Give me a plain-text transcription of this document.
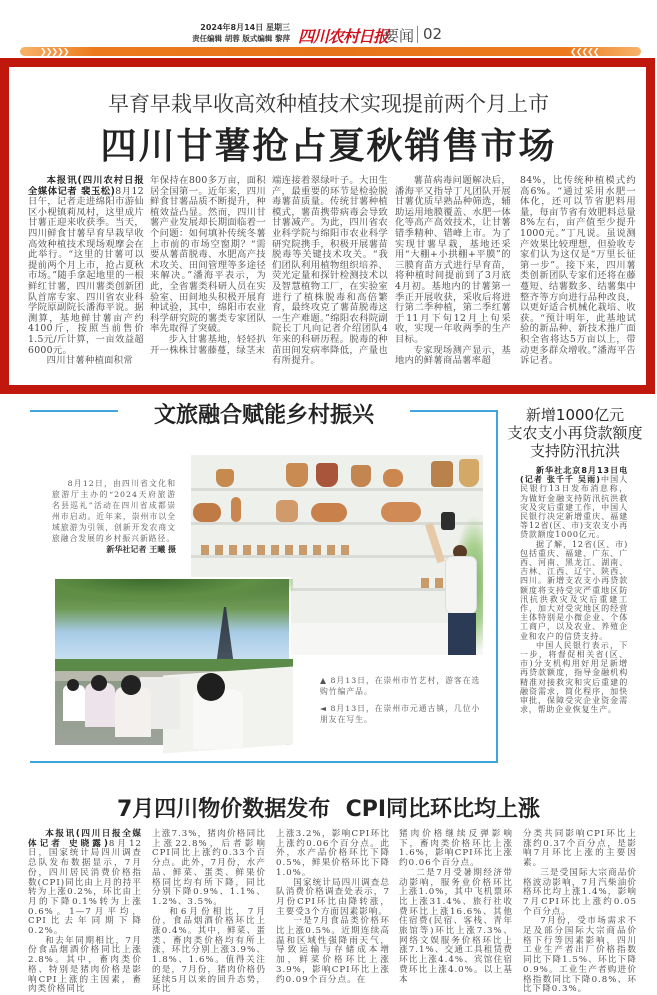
2024年8月14日 星期三
责任编辑 胡蓉 版式编辑 黎萍 四川农村日报
要闻 02
❯❯❯❯❯	❮❮❮❮❮
早育早栽早收高效种植技术实现提前两个月上市
四川甘薯抢占夏秋销售市场

本报讯(四川农村日报全媒体记者 裴玉松)8月12日午，记者走进绵阳市游仙区小枧镇莉凤村，这里成片甘薯正迎来收获季。当天，四川鲜食甘薯早育早栽早收高效种植技术现场观摩会在此举行。“这里的甘薯可以提前两个月上市，抢占夏秋市场。”随手拿起地里的一根鲜红甘薯，四川薯类创新团队首席专家、四川省农业科学院原副院长潘海平说。据测算，基地鲜甘薯亩产约4100斤，按照当前售价1.5元/斤计算，一亩效益超6000元。

四川甘薯种植面积常

年保持在800多万亩，面积居全国第一。近年来，四川鲜食甘薯品质不断提升，种植效益凸显。然而，四川甘薯产业发展却长期面临着一个问题：如何填补传统冬薯上市前的市场空窗期？“需要从薯苗脱毒、水肥高产技术攻关、田间管理等多途径来解决。”潘海平表示，为此，全省薯类科研人员在实验室、田间地头积极开展育种试验，其中，绵阳市农业科学研究院的薯类专家团队率先取得了突破。

步入甘薯基地，轻轻扒开一株株甘薯藤蔓，绿茎末

端连接着翠绿叶子。大田生产，最重要的环节是检验脱毒薯苗质量。传统甘薯种植模式，薯苗携带病毒会导致甘薯减产。为此，四川省农业科学院与绵阳市农业科学研究院携手，积极开展薯苗脱毒等关键技术攻关。“我们团队利用植物组织培养、荧光定量和探针检测技术以及智慧植物工厂，在实验室进行了植株脱毒和高倍繁育，最终攻克了薯苗脱毒这一生产难题。”绵阳农科院副院长丁凡向记者介绍团队4年来的科研历程。脱毒的种苗田间发病率降低，产量也有所提升。

薯苗病毒问题解决后，潘海平又指导丁凡团队开展甘薯优质早熟品种筛选，辅助运用地膜覆盖、水肥一体化等高产高效技术，让甘薯错季精种、错峰上市。为了实现甘薯早栽，基地还采用“大棚+小拱棚+平膜”的三膜育苗方式进行早育苗，将种植时间提前到了3月底4月初。基地内的甘薯第一季正开展收获，采收后将进行第二季种植，第二季红薯于11月下旬12月上旬采收，实现一年收两季的生产目标。

专家现场测产显示，基地内的鲜薯商品薯率超

84%，比传统种植模式约高6%。“通过采用水肥一体化，还可以节省肥料用量，每亩节省有效肥料总量8%左右，亩产值至少提升1000元。”丁凡说。虽说测产效果比较理想，但验收专家们认为这仅是“万里长征第一步”。接下来，四川薯类创新团队专家们还将在藤蔓短、结薯数多、结薯集中整齐等方向进行品种改良，以更好适合机械化栽培、收获。“预计明年，此基地试验的新品种、新技术推广面积全省将达5万亩以上，带动更多群众增收。”潘海平告诉记者。

文旅融合赋能乡村振兴
8月12日，由四川省文化和旅游厅主办的“2024天府旅游名县巡礼”活动在四川省成都崇州市启动。近年来，崇州市以全域旅游为引领，创新开发农商文旅融合发展的乡村振兴新路径。
新华社记者 王曦 摄
▲ 8月13日，在崇州市竹艺村，游客在选购竹编产品。
◄ 8月13日，在崇州市元通古镇，几位小朋友在写生。
新增1000亿元
支农支小再贷款额度
支持防汛抗洪

新华社北京8月13日电(记者 张千千 吴雨)中国人民银行13日发布消息称，为做好金融支持防汛抗洪救灾及灾后重建工作，中国人民银行决定新增重庆、福建等12省(区、市)支农支小再贷款额度1000亿元。

据了解，12省(区、市)包括重庆、福建、广东、广西、河南、黑龙江、湖南、吉林、江西、辽宁、陕西、四川。新增支农支小再贷款额度将支持受灾严重地区防汛抗洪救灾及灾后重建工作，加大对受灾地区的经营主体特别是小微企业、个体工商户，以及农业、养殖企业和农户的信贷支持。

中国人民银行表示，下一步，将督促相关省(区、市)分支机构用好用足新增再贷款额度，指导金融机构精准对接救灾和灾后重建的融资需求，简化程序，加快审批，保障受灾企业资金需求，帮助企业恢复生产。

7月四川物价数据发布  CPI同比环比均上涨

本报讯(四川日报全媒体记者 史晓露)8月12日，国家统计局四川调查总队发布数据显示，7月份，四川居民消费价格指数(CPI)同比由上月的持平转为上涨0.2%，环比由上月的下降0.1%转为上涨0.6%。1—7月平均，CPI比去年同期下降0.2%。

和去年同期相比，7月份食品烟酒价格同比上涨2.8%。其中，畜肉类价格、特别是猪肉价格是影响CPI上涨的主因素，畜肉类价格同比

上涨7.3%，猪肉价格同比上涨22.8%，后者影响CPI同比上涨约0.33个百分点。此外，7月份，水产品、鲜菜、蛋类、鲜果价格同比均有所下降，同比分别下降0.9%、1.1%、1.2%、3.5%。

和6月份相比，7月份，食品烟酒价格环比上涨0.4%。其中，鲜菜、蛋类、畜肉类价格均有所上涨，环比分别上涨3.9%、1.8%、1.6%。值得关注的是，7月份，猪肉价格仍延续5月以来的回升态势，环比

上涨3.2%，影响CPI环比上涨约0.06个百分点。此外，水产品价格环比下降0.5%，鲜果价格环比下降1.0%。

国家统计局四川调查总队消费价格调查处表示，7月份CPI环比由降转涨，主要受3个方面因素影响。

一是7月食品类价格环比上涨0.5%。近期连续高温和区域性强降雨天气，导致运输与存储成本增加，鲜菜价格环比上涨3.9%，影响CPI环比上涨约0.09个百分点。在

猪肉价格继续反弹影响下，畜肉类价格环比上涨1.6%，影响CPI环比上涨约0.06个百分点。

二是7月受暑期经济带动影响，服务业价格环比上涨1.0%，其中飞机票环比上涨31.4%、旅行社收费环比上涨16.6%、其他住宿费(民宿、客栈、青年旅馆等)环比上涨7.3%、网络文娱服务价格环比上涨7.1%、交通工具租赁费环比上涨4.4%、宾馆住宿费环比上涨4.0%。以上基本

分类共同影响CPI环比上涨约0.37个百分点，是影响7月环比上涨的主要因素。

三是受国际大宗商品价格波动影响，7月汽柴油价格环比均上涨1.4%，影响7月CPI环比上涨约0.05个百分点。

7月份，受市场需求不足及部分国际大宗商品价格下行等因素影响，四川工业生产者出厂价格指数同比下降1.5%、环比下降0.9%。工业生产者购进价格指数同比下降0.8%、环比下降0.3%。
